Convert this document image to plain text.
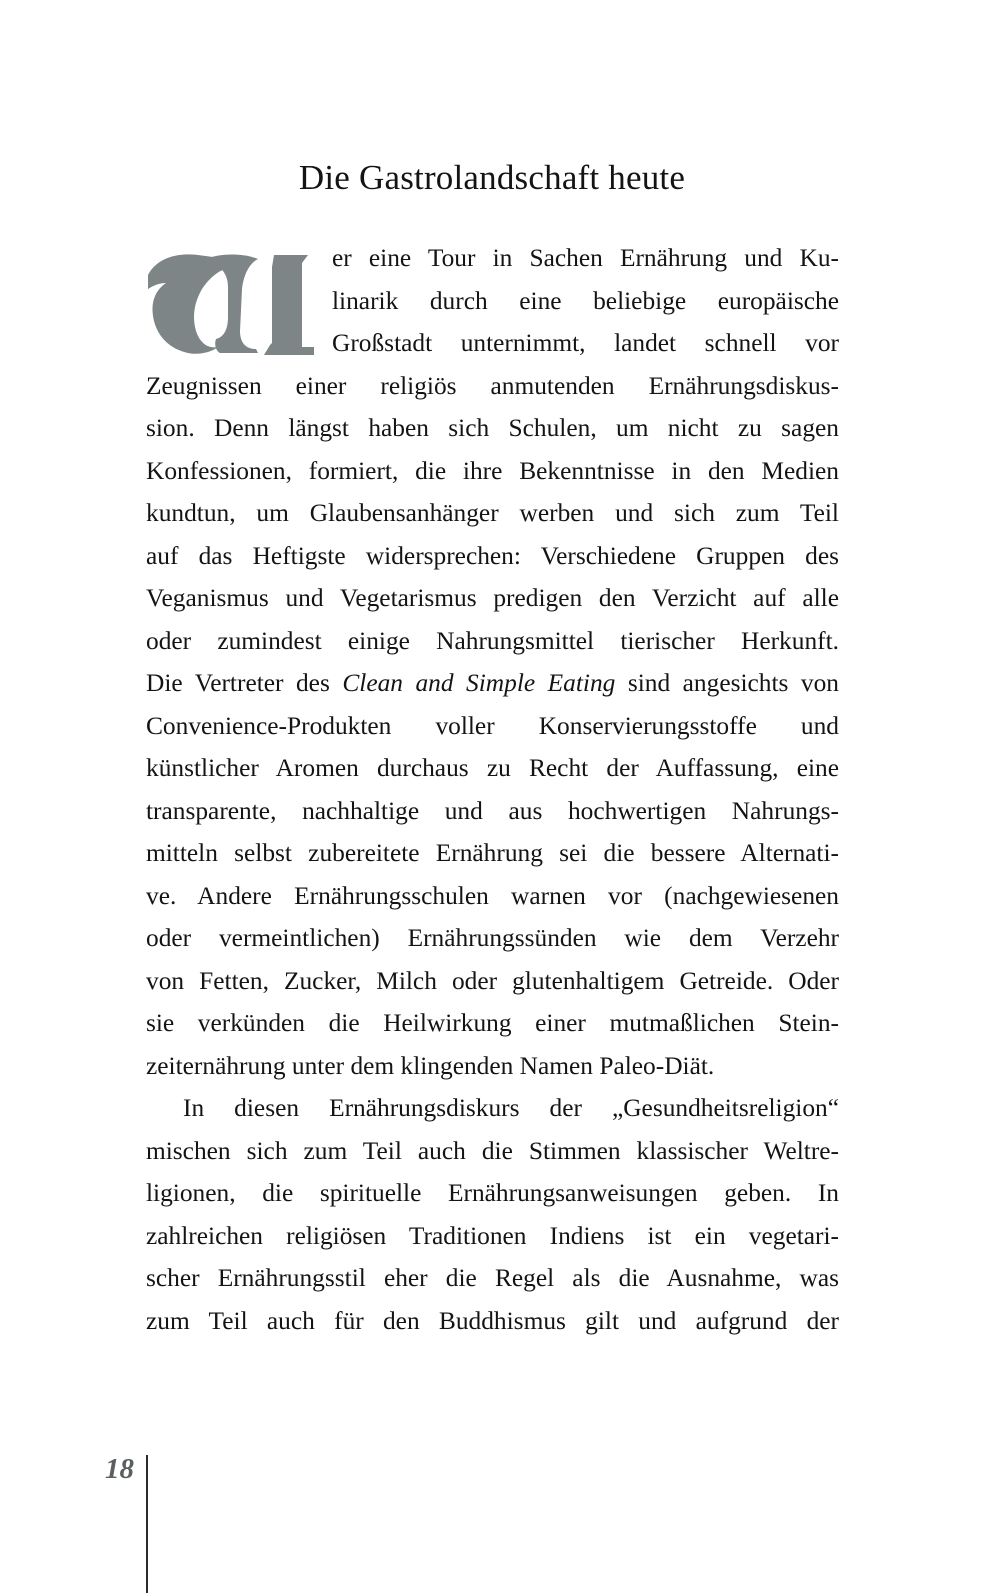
Die Gastrolandschaft heute
er eine Tour in Sachen Ernährung und Ku-
linarik durch eine beliebige europäische
Großstadt unternimmt, landet schnell vor
Zeugnissen einer religiös anmutenden Ernährungsdiskus-
sion. Denn längst haben sich Schulen, um nicht zu sagen
Konfessionen, formiert, die ihre Bekenntnisse in den Medien
kundtun, um Glaubensanhänger werben und sich zum Teil
auf das Heftigste widersprechen: Verschiedene Gruppen des
Veganismus und Vegetarismus predigen den Verzicht auf alle
oder zumindest einige Nahrungsmittel tierischer Herkunft.
Die Vertreter des Clean and Simple Eating sind angesichts von
Convenience-Produkten voller Konservierungsstoffe und
künstlicher Aromen durchaus zu Recht der Auffassung, eine
transparente, nachhaltige und aus hochwertigen Nahrungs-
mitteln selbst zubereitete Ernährung sei die bessere Alternati-
ve. Andere Ernährungsschulen warnen vor (nachgewiesenen
oder vermeintlichen) Ernährungssünden wie dem Verzehr
von Fetten, Zucker, Milch oder glutenhaltigem Getreide. Oder
sie verkünden die Heilwirkung einer mutmaßlichen Stein-
zeiternährung unter dem klingenden Namen Paleo-Diät.
In diesen Ernährungsdiskurs der „Gesundheitsreligion“
mischen sich zum Teil auch die Stimmen klassischer Weltre-
ligionen, die spirituelle Ernährungsanweisungen geben. In
zahlreichen religiösen Traditionen Indiens ist ein vegetari-
scher Ernährungsstil eher die Regel als die Ausnahme, was
zum Teil auch für den Buddhismus gilt und aufgrund der
18
